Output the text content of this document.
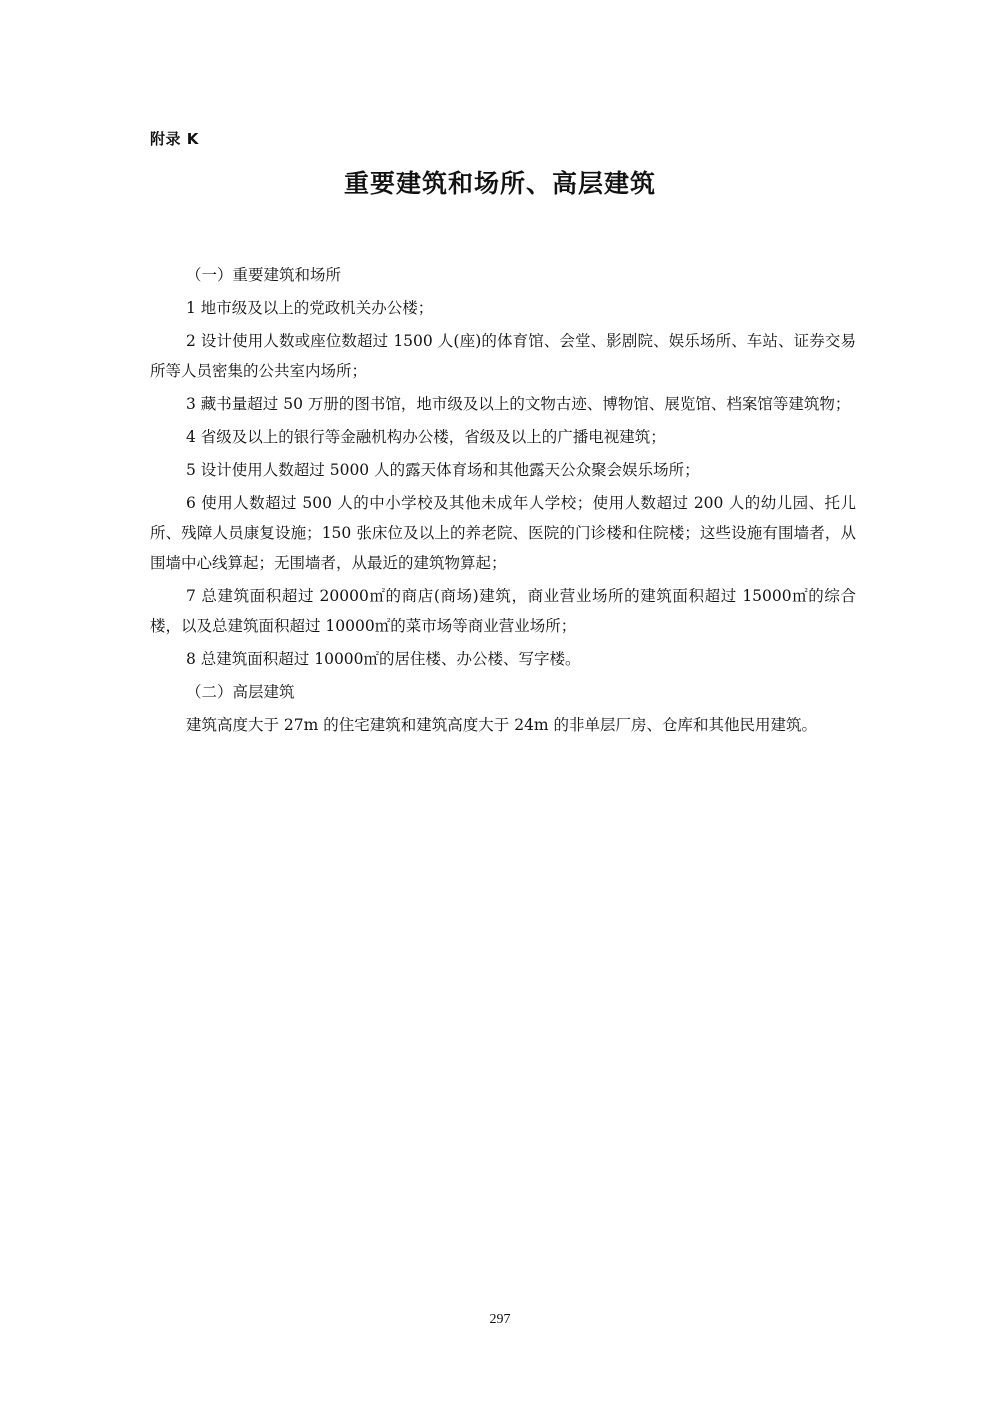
附录 K
重要建筑和场所、高层建筑
（一）重要建筑和场所

1 地市级及以上的党政机关办公楼；

2 设计使用人数或座位数超过 1500 人(座)的体育馆、会堂、影剧院、娱乐场所、车站、证券交易所等人员密集的公共室内场所；

3 藏书量超过 50 万册的图书馆，地市级及以上的文物古迹、博物馆、展览馆、档案馆等建筑物；

4 省级及以上的银行等金融机构办公楼，省级及以上的广播电视建筑；

5 设计使用人数超过 5000 人的露天体育场和其他露天公众聚会娱乐场所；

6 使用人数超过 500 人的中小学校及其他未成年人学校；使用人数超过 200 人的幼儿园、托儿所、残障人员康复设施；150 张床位及以上的养老院、医院的门诊楼和住院楼；这些设施有围墙者，从围墙中心线算起；无围墙者，从最近的建筑物算起；

7 总建筑面积超过 20000㎡的商店(商场)建筑，商业营业场所的建筑面积超过 15000㎡的综合楼，以及总建筑面积超过 10000㎡的菜市场等商业营业场所；

8 总建筑面积超过 10000㎡的居住楼、办公楼、写字楼。

（二）高层建筑

建筑高度大于 27m 的住宅建筑和建筑高度大于 24m 的非单层厂房、仓库和其他民用建筑。

297
